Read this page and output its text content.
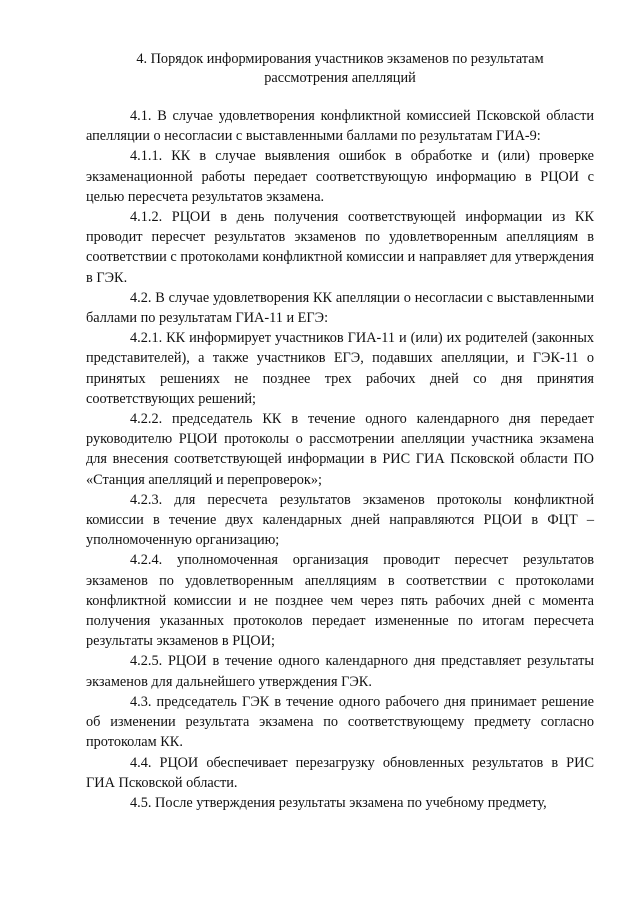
4. Порядок информирования участников экзаменов по результатам
рассмотрения апелляций

4.1. В случае удовлетворения конфликтной комиссией Псковской области апелляции о несогласии с выставленными баллами по результатам ГИА-9:

4.1.1. КК в случае выявления ошибок в обработке и (или) проверке экзаменационной работы передает соответствующую информацию в РЦОИ с целью пересчета результатов экзамена.

4.1.2. РЦОИ в день получения соответствующей информации из КК проводит пересчет результатов экзаменов по удовлетворенным апелляциям в соответствии с протоколами конфликтной комиссии и направляет для утверждения в ГЭК.

4.2. В случае удовлетворения КК апелляции о несогласии с выставленными баллами по результатам ГИА-11 и ЕГЭ:

4.2.1. КК информирует участников ГИА-11 и (или) их родителей (законных представителей), а также участников ЕГЭ, подавших апелляции, и ГЭК-11 о принятых решениях не позднее трех рабочих дней со дня принятия соответствующих решений;

4.2.2. председатель КК в течение одного календарного дня передает руководителю РЦОИ протоколы о рассмотрении апелляции участника экзамена для внесения соответствующей информации в РИС ГИА Псковской области ПО «Станция апелляций и перепроверок»;

4.2.3. для пересчета результатов экзаменов протоколы конфликтной комиссии в течение двух календарных дней направляются РЦОИ в ФЦТ – уполномоченную организацию;

4.2.4. уполномоченная организация проводит пересчет результатов экзаменов по удовлетворенным апелляциям в соответствии с протоколами конфликтной комиссии и не позднее чем через пять рабочих дней с момента получения указанных протоколов передает измененные по итогам пересчета результаты экзаменов в РЦОИ;

4.2.5. РЦОИ в течение одного календарного дня представляет результаты экзаменов для дальнейшего утверждения ГЭК.

4.3. председатель ГЭК в течение одного рабочего дня принимает решение об изменении результата экзамена по соответствующему предмету согласно протоколам КК.

4.4. РЦОИ обеспечивает перезагрузку обновленных результатов в РИС ГИА Псковской области.

4.5. После утверждения результаты экзамена по учебному предмету,
